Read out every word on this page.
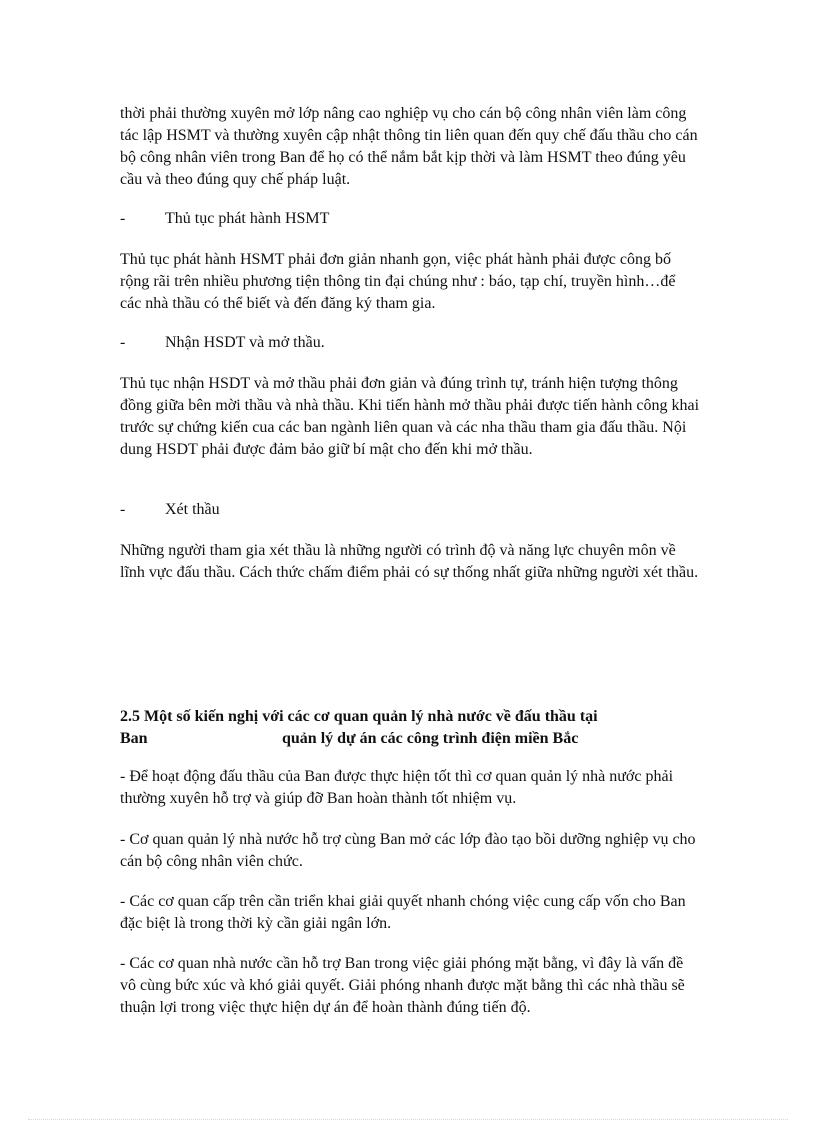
thời phải thường xuyên mở lớp nâng cao nghiệp vụ cho cán bộ công nhân viên làm công tác lập HSMT và thường xuyên cập nhật thông tin liên quan đến quy chế đấu thầu cho cán bộ công nhân viên trong Ban để họ có thể nắm bắt kịp thời và làm HSMT theo đúng yêu cầu và theo đúng quy chế pháp luật.

- Thủ tục phát hành HSMT

Thủ tục phát hành HSMT phải đơn giản nhanh gọn, việc phát hành phải được công bố rộng rãi trên nhiều phương tiện thông tin đại chúng như : báo, tạp chí, truyền hình…để các nhà thầu có thể biết và đến đăng ký tham gia.

- Nhận HSDT và mở thầu.

Thủ tục nhận HSDT và mở thầu phải đơn giản và đúng trình tự, tránh hiện tượng thông đồng giữa bên mời thầu và nhà thầu. Khi tiến hành mở thầu phải được tiến hành công khai trước sự chứng kiến cua các ban ngành liên quan và các nha thầu tham gia đấu thầu. Nội dung HSDT phải được đảm bảo giữ bí mật cho đến khi mở thầu.

- Xét thầu

Những người tham gia xét thầu là những người có trình độ và năng lực chuyên môn về lĩnh vực đấu thầu. Cách thức chấm điểm phải có sự thống nhất giữa những người xét thầu.

2.5 Một số kiến nghị với các cơ quan quản lý nhà nước về đấu thầu tại
Ban	quản lý dự án các công trình điện miền Bắc

- Để hoạt động đấu thầu của Ban được thực hiện tốt thì cơ quan quản lý nhà nước phải thường xuyên hỗ trợ và giúp đỡ Ban hoàn thành tốt nhiệm vụ.

- Cơ quan quản lý nhà nước hỗ trợ cùng Ban mở các lớp đào tạo bồi dưỡng nghiệp vụ cho cán bộ công nhân viên chức.

- Các cơ quan cấp trên cần triển khai giải quyết nhanh chóng việc cung cấp vốn cho Ban đặc biệt là trong thời kỳ cần giải ngân lớn.

- Các cơ quan nhà nước cần hỗ trợ Ban trong việc giải phóng mặt bằng, vì đây là vấn đề vô cùng bức xúc và khó giải quyết. Giải phóng nhanh được mặt bằng thì các nhà thầu sẽ thuận lợi trong việc thực hiện dự án để hoàn thành đúng tiến độ.
